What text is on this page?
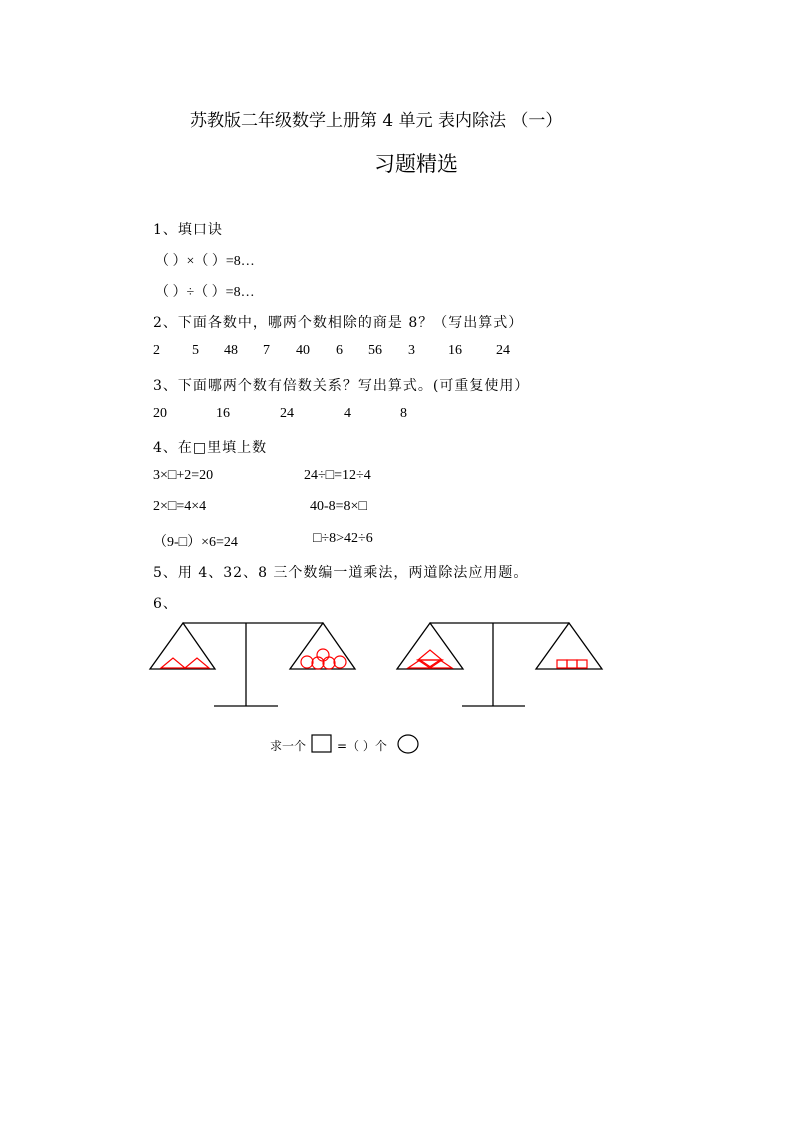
苏教版二年级数学上册第 4 单元 表内除法 （一）
习题精选
1、填口诀
（ ）×（ ）=8…
（ ）÷（ ）=8…
2、下面各数中，哪两个数相除的商是 8？（写出算式）
2 5 48 7 40 6 56 3 16 24
3、下面哪两个数有倍数关系？写出算式。(可重复使用）
20	16	24	4	8
4、在□里填上数
3×□+2=20	24÷□=12÷4
2×□=4×4	40-8=8×□
（9-□）×6=24	□÷8>42÷6
5、用 4、32、8 三个数编一道乘法，两道除法应用题。
6、
求一个	=（ ）个
